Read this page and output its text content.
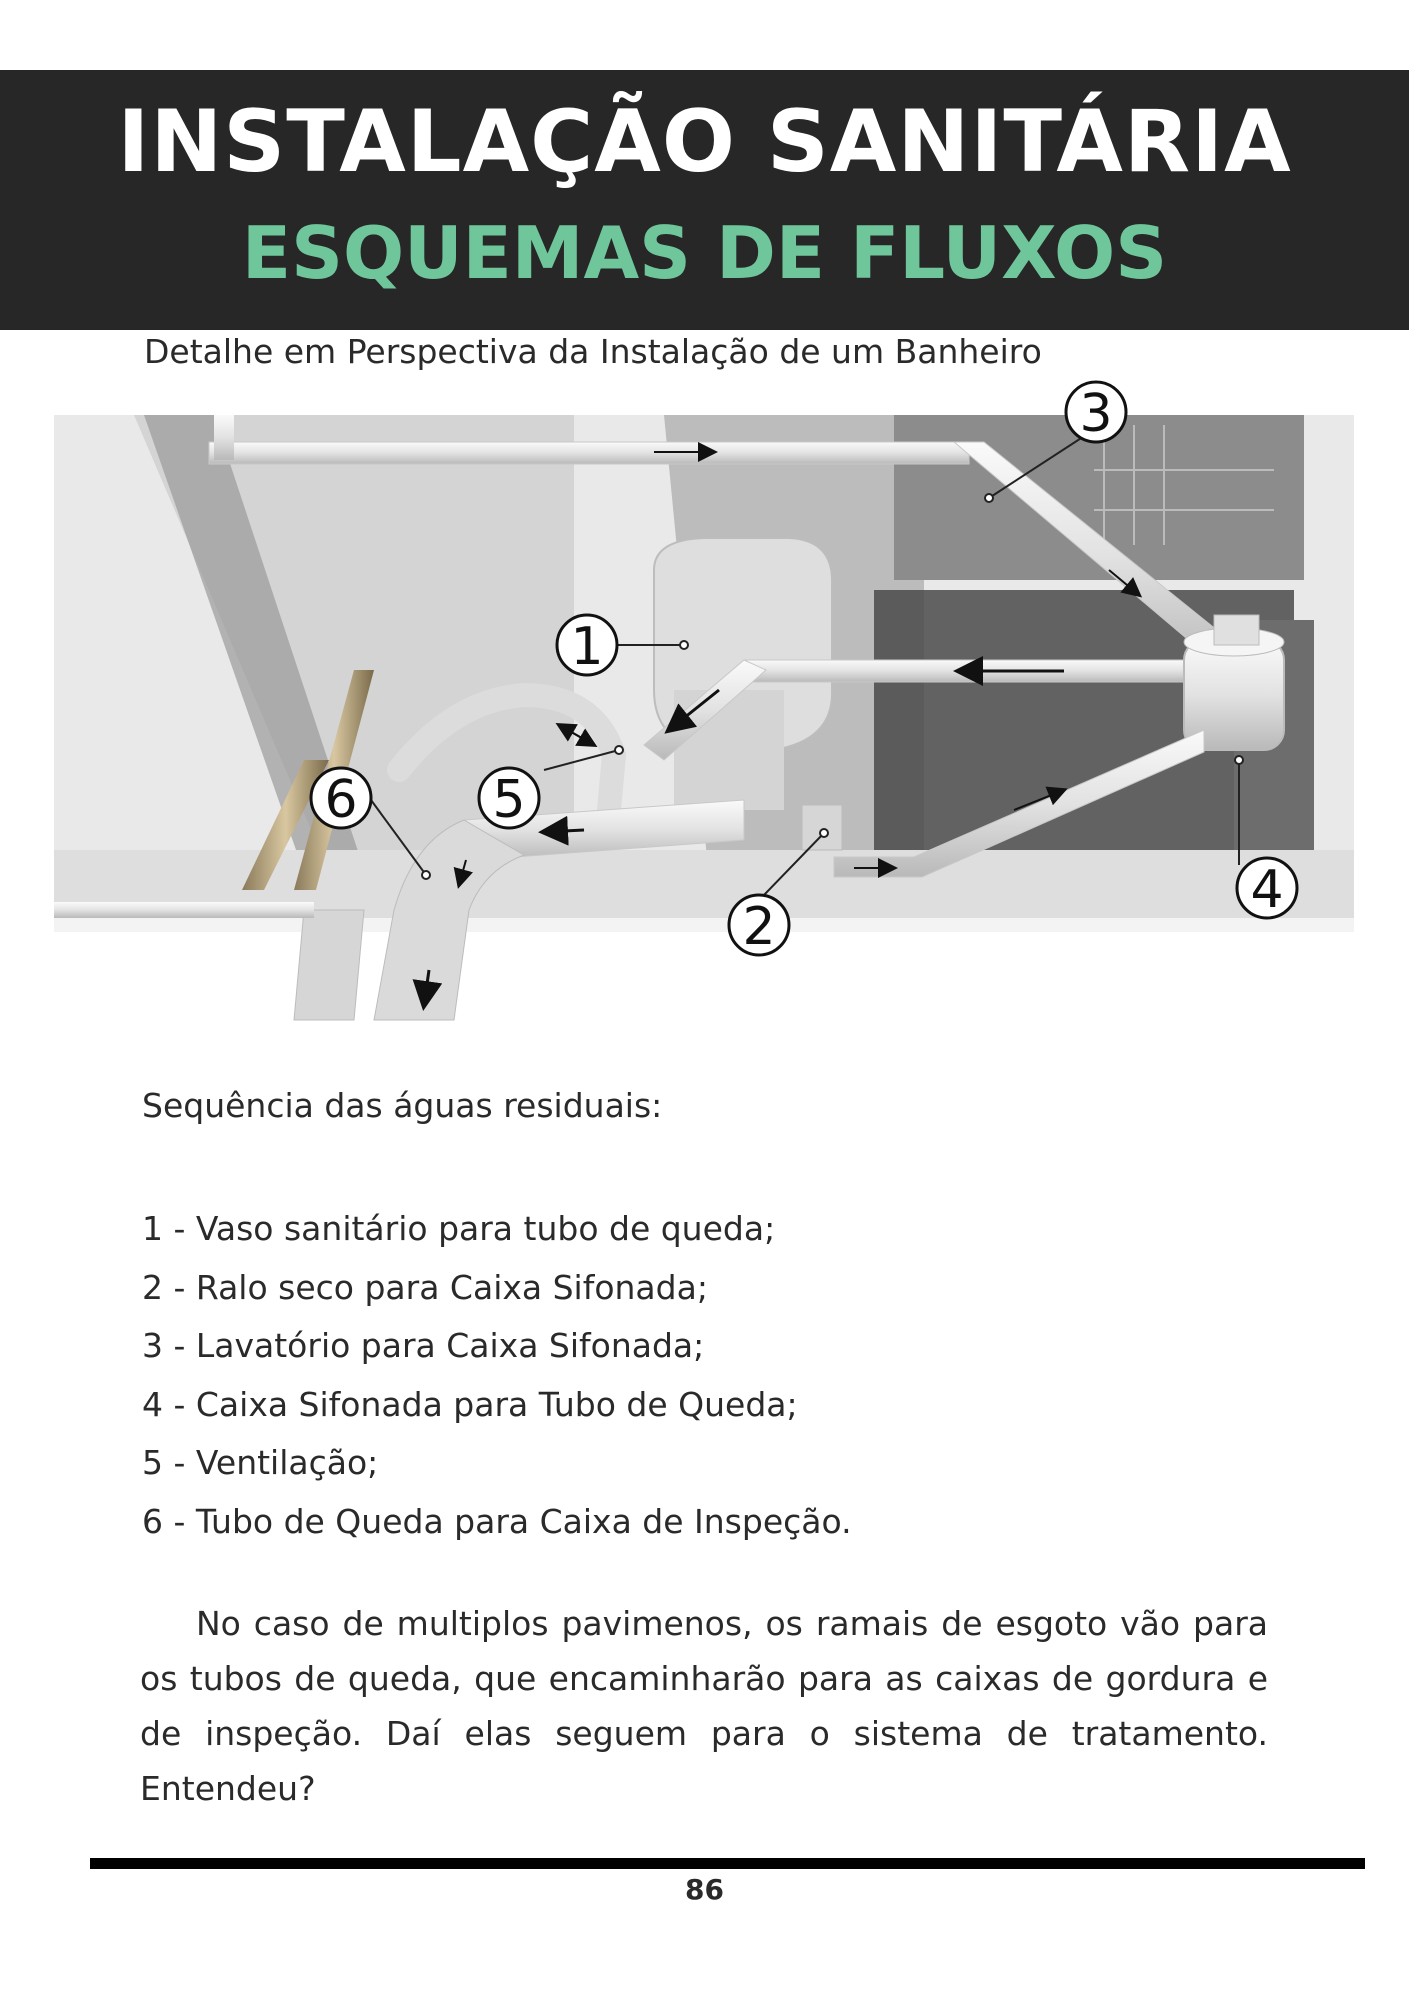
INSTALAÇÃO SANITÁRIA
ESQUEMAS DE FLUXOS
Detalhe em Perspectiva da Instalação de um Banheiro
1
2
3
4
5
6
Sequência das águas residuais:
1 - Vaso sanitário para tubo de queda;
2 - Ralo seco para Caixa Sifonada;
3 - Lavatório para Caixa Sifonada;
4 - Caixa Sifonada para Tubo de Queda;
5 - Ventilação;
6 - Tubo de Queda para Caixa de Inspeção.

No caso de multiplos pavimenos, os ramais de esgoto vão para os tubos de queda, que encaminharão para as caixas de gordura e de inspeção. Daí elas seguem para o sistema de tratamento. Entendeu?

86
